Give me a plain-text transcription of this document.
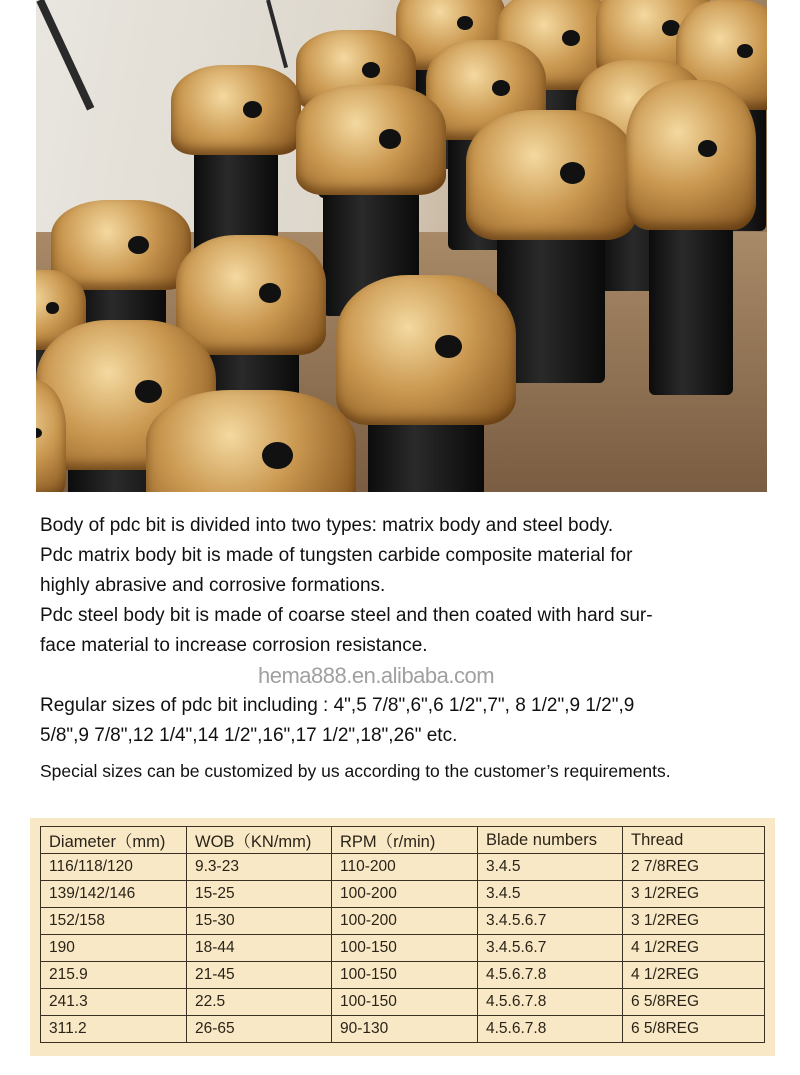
Body of pdc bit is divided into two types: matrix body and steel body.
Pdc matrix body bit is made of tungsten carbide composite material for
highly abrasive and corrosive formations.
Pdc steel body bit is made of coarse steel and then coated with hard sur-
face material to increase corrosion resistance.
hema888.en.alibaba.com
Regular sizes of pdc bit including : 4",5 7/8",6",6 1/2",7", 8 1/2",9 1/2",9
5/8",9 7/8",12 1/4",14 1/2",16",17 1/2",18",26" etc.
Special sizes can be customized by us according to the customer’s requirements.
Diameter（mm)	WOB（KN/mm)	RPM（r/min)	Blade numbers	Thread
116/118/120	9.3-23	110-200	3.4.5	2 7/8REG
139/142/146	15-25	100-200	3.4.5	3 1/2REG
152/158	15-30	100-200	3.4.5.6.7	3 1/2REG
190	18-44	100-150	3.4.5.6.7	4 1/2REG
215.9	21-45	100-150	4.5.6.7.8	4 1/2REG
241.3	22.5	100-150	4.5.6.7.8	6 5/8REG
311.2	26-65	90-130	4.5.6.7.8	6 5/8REG
